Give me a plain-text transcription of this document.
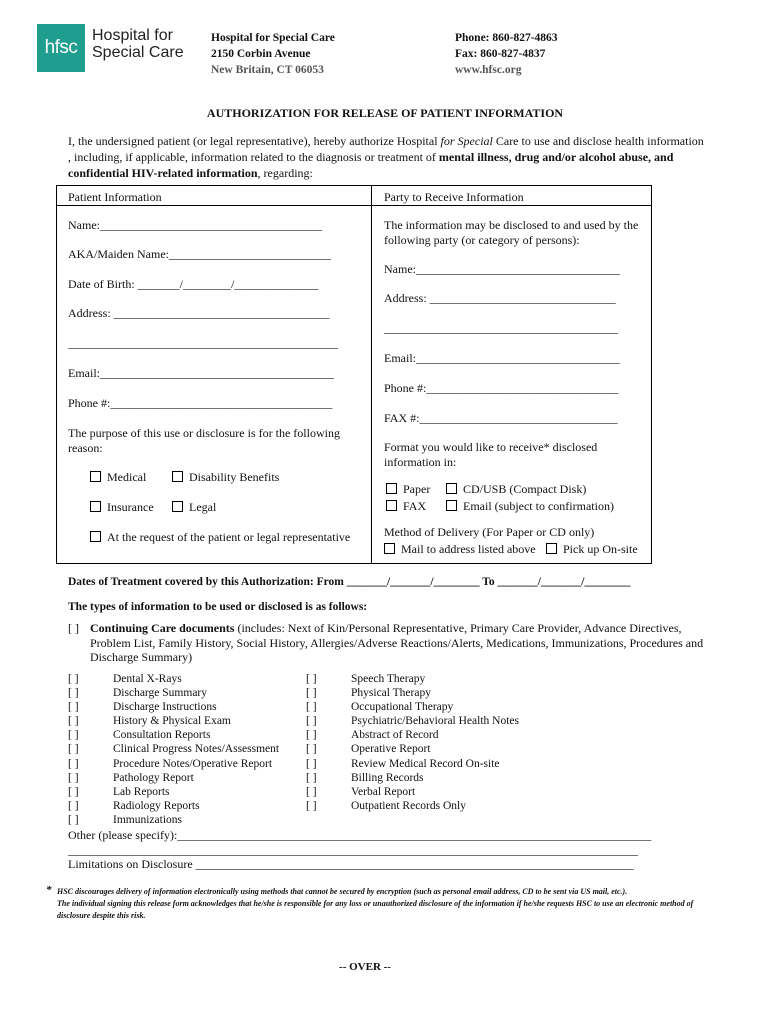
hfsc
Hospital for
Special Care
Hospital for Special Care
2150 Corbin Avenue
New Britain, CT 06053
Phone: 860-827-4863
Fax: 860-827-4837
www.hfsc.org
AUTHORIZATION FOR RELEASE OF PATIENT INFORMATION
I, the undersigned patient (or legal representative), hereby authorize Hospital for Special Care to use and disclose health information , including, if applicable, information related to the diagnosis or treatment of mental illness, drug and/or alcohol abuse, and confidential HIV-related information, regarding:
Patient Information	Party to Receive Information
Name:_____________________________________
AKA/Maiden Name:___________________________
Date of Birth: _______/________/______________
Address: ____________________________________
_____________________________________________
Email:_______________________________________
Phone #:_____________________________________
The purpose of this use or disclosure is for the following reason:
Medical	Disability Benefits
Insurance	Legal
At the request of the patient or legal representative
The information may be disclosed to and used by the following party (or category of persons):
Name:__________________________________
Address: _______________________________
_______________________________________
Email:__________________________________
Phone #:________________________________
FAX #:_________________________________
Format you would like to receive* disclosed information in:
Paper	CD/USB (Compact Disk)
FAX	Email (subject to confirmation)
Method of Delivery (For Paper or CD only)
Mail to address listed above	Pick up On-site
Dates of Treatment covered by this Authorization: From _______/_______/________ To _______/_______/________
The types of information to be used or disclosed is as follows:
[ ] Continuing Care documents (includes: Next of Kin/Personal Representative, Primary Care Provider, Advance Directives, Problem List, Family History, Social History, Allergies/Adverse Reactions/Alerts, Medications, Immunizations, Procedures and Discharge Summary)
[ ]	Dental X-Rays
[ ]	Discharge Summary
[ ]	Discharge Instructions
[ ]	History & Physical Exam
[ ]	Consultation Reports
[ ]	Clinical Progress Notes/Assessment
[ ]	Procedure Notes/Operative Report
[ ]	Pathology Report
[ ]	Lab Reports
[ ]	Radiology Reports
[ ]	Immunizations
[ ]	Speech Therapy
[ ]	Physical Therapy
[ ]	Occupational Therapy
[ ]	Psychiatric/Behavioral Health Notes
[ ]	Abstract of Record
[ ]	Operative Report
[ ]	Review Medical Record On-site
[ ]	Billing Records
[ ]	Verbal Report
[ ]	Outpatient Records Only
Other (please specify):_______________________________________________________________________________
_______________________________________________________________________________________________
Limitations on Disclosure _________________________________________________________________________
* HSC discourages delivery of information electronically using methods that cannot be secured by encryption (such as personal email address, CD to be sent via US mail, etc.).
The individual signing this release form acknowledges that he/she is responsible for any loss or unauthorized disclosure of the information if he/she requests HSC to use an electronic method of disclosure despite this risk.
-- OVER --
